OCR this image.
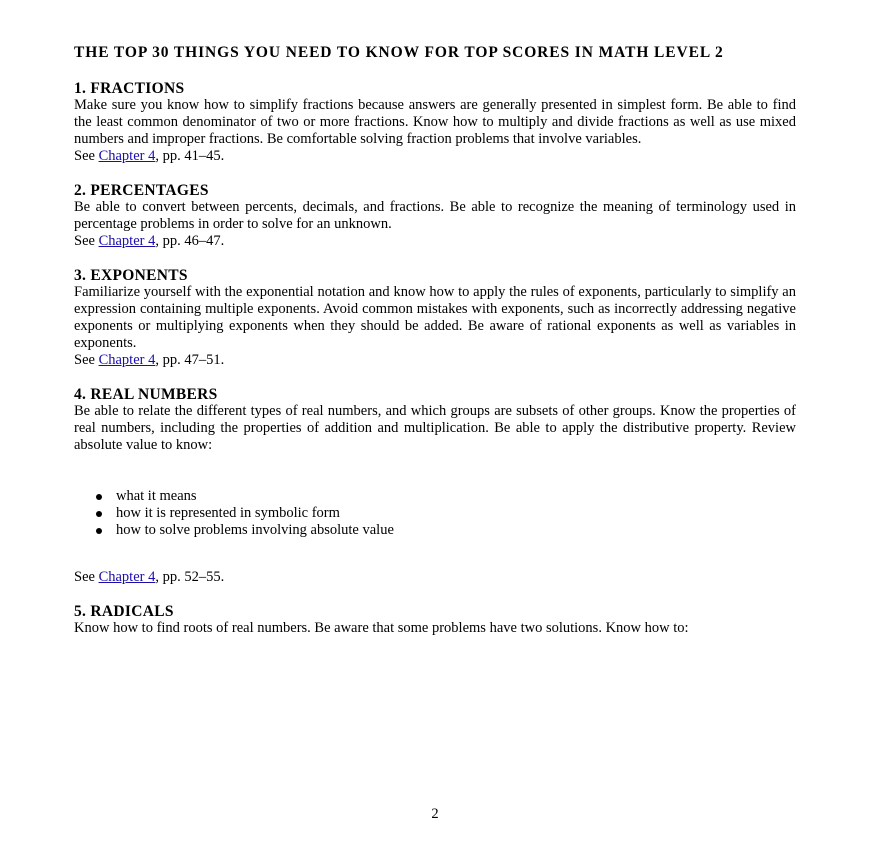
THE TOP 30 THINGS YOU NEED TO KNOW FOR TOP SCORES IN MATH LEVEL 2
1. FRACTIONS

Make sure you know how to simplify fractions because answers are generally presented in simplest form. Be able to find the least common denominator of two or more fractions. Know how to multiply and divide fractions as well as use mixed numbers and improper fractions. Be comfortable solving fraction problems that involve variables.

See Chapter 4, pp. 41–45.

2. PERCENTAGES

Be able to convert between percents, decimals, and fractions. Be able to recognize the meaning of terminology used in percentage problems in order to solve for an unknown.

See Chapter 4, pp. 46–47.

3. EXPONENTS

Familiarize yourself with the exponential notation and know how to apply the rules of exponents, particularly to simplify an expression containing multiple exponents. Avoid common mistakes with exponents, such as incorrectly addressing negative exponents or multiplying exponents when they should be added. Be aware of rational exponents as well as variables in exponents.

See Chapter 4, pp. 47–51.

4. REAL NUMBERS

Be able to relate the different types of real numbers, and which groups are subsets of other groups. Know the properties of real numbers, including the properties of addition and multiplication. Be able to apply the distributive property. Review absolute value to know:

what it means
how it is represented in symbolic form
how to solve problems involving absolute value

See Chapter 4, pp. 52–55.

5. RADICALS

Know how to find roots of real numbers. Be aware that some problems have two solutions. Know how to:

2
